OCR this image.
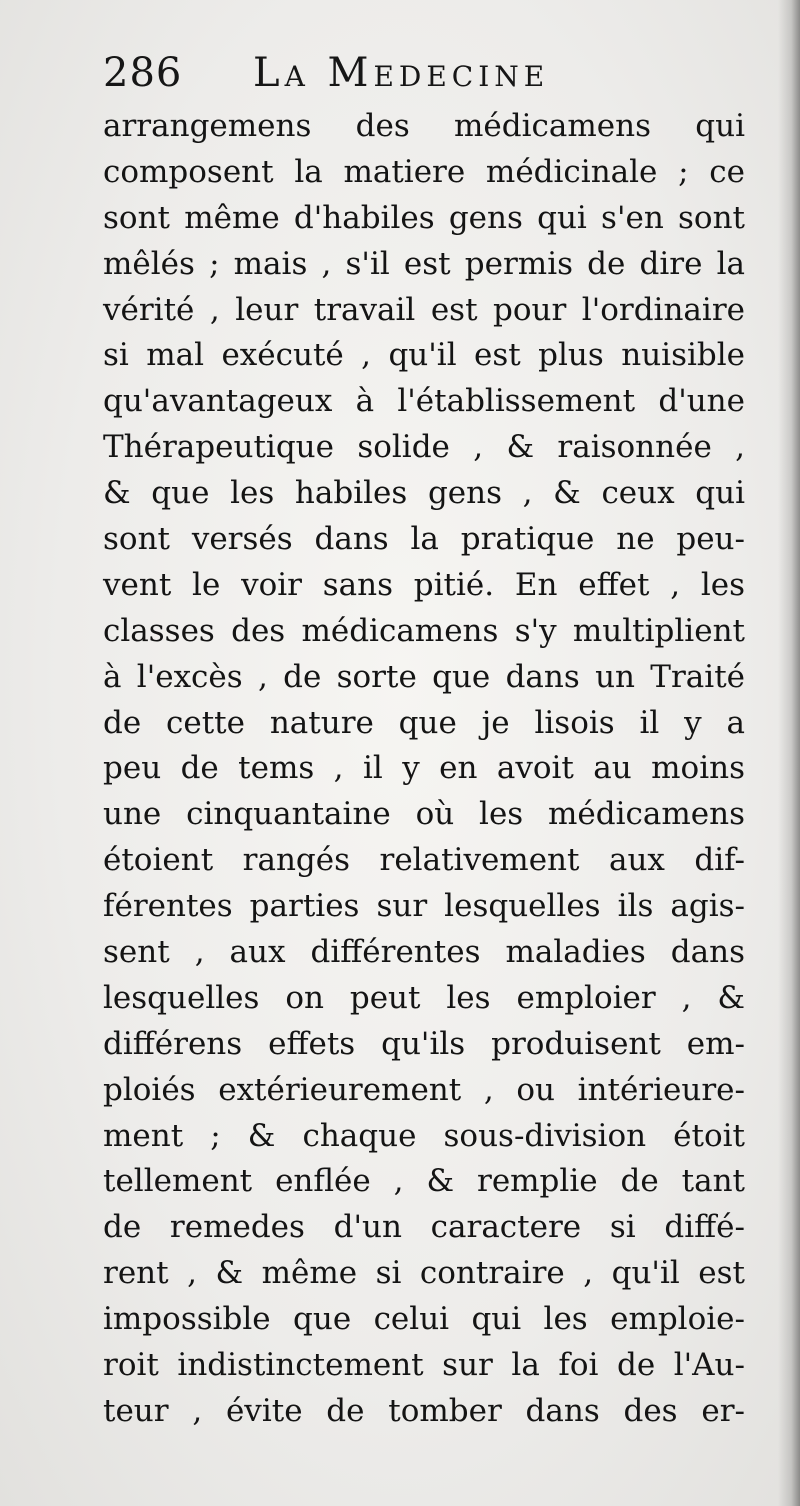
286 La Medecine
arrangemens des médicamens qui
composent la matiere médicinale ; ce
sont même d'habiles gens qui s'en sont
mêlés ; mais , s'il est permis de dire la
vérité , leur travail est pour l'ordinaire
si mal exécuté , qu'il est plus nuisible
qu'avantageux à l'établissement d'une
Thérapeutique solide , & raisonnée ,
& que les habiles gens , & ceux qui
sont versés dans la pratique ne peu-
vent le voir sans pitié. En effet , les
classes des médicamens s'y multiplient
à l'excès , de sorte que dans un Traité
de cette nature que je lisois il y a
peu de tems , il y en avoit au moins
une cinquantaine où les médicamens
étoient rangés relativement aux dif-
férentes parties sur lesquelles ils agis-
sent , aux différentes maladies dans
lesquelles on peut les emploier , &
différens effets qu'ils produisent em-
ploiés extérieurement , ou intérieure-
ment ; & chaque sous-division étoit
tellement enflée , & remplie de tant
de remedes d'un caractere si diffé-
rent , & même si contraire , qu'il est
impossible que celui qui les emploie-
roit indistinctement sur la foi de l'Au-
teur , évite de tomber dans des er-
